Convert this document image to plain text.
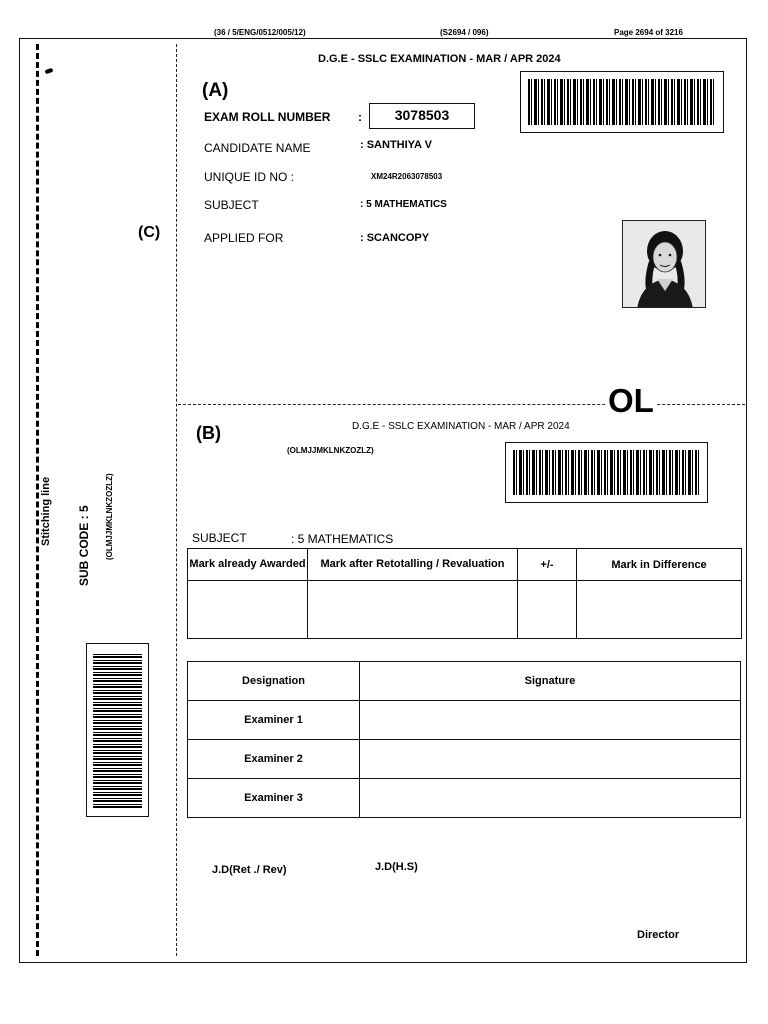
(36 / 5/ENG/0512/005/12)	(S2694 / 096)	Page 2694 of 3216
D.G.E - SSLC EXAMINATION - MAR / APR 2024
(A)
EXAM ROLL NUMBER :	3078503
CANDIDATE NAME	: SANTHIYA V
UNIQUE ID NO :	XM24R2063078503
SUBJECT	: 5 MATHEMATICS
(C)	APPLIED FOR	: SCANCOPY
OL
(B)	D.G.E - SSLC EXAMINATION - MAR / APR 2024
(OLMJJMKLNKZOZLZ)
SUBJECT	: 5 MATHEMATICS
Mark already Awarded	Mark after Retotalling / Revaluation	+/-	Mark in Difference

Designation	Signature
Examiner 1	
Examiner 2	
Examiner 3	
J.D(Ret ./ Rev)	J.D(H.S)
Director
Stitching line SUB CODE : 5 (OLMJJMKLNKZOZLZ)
